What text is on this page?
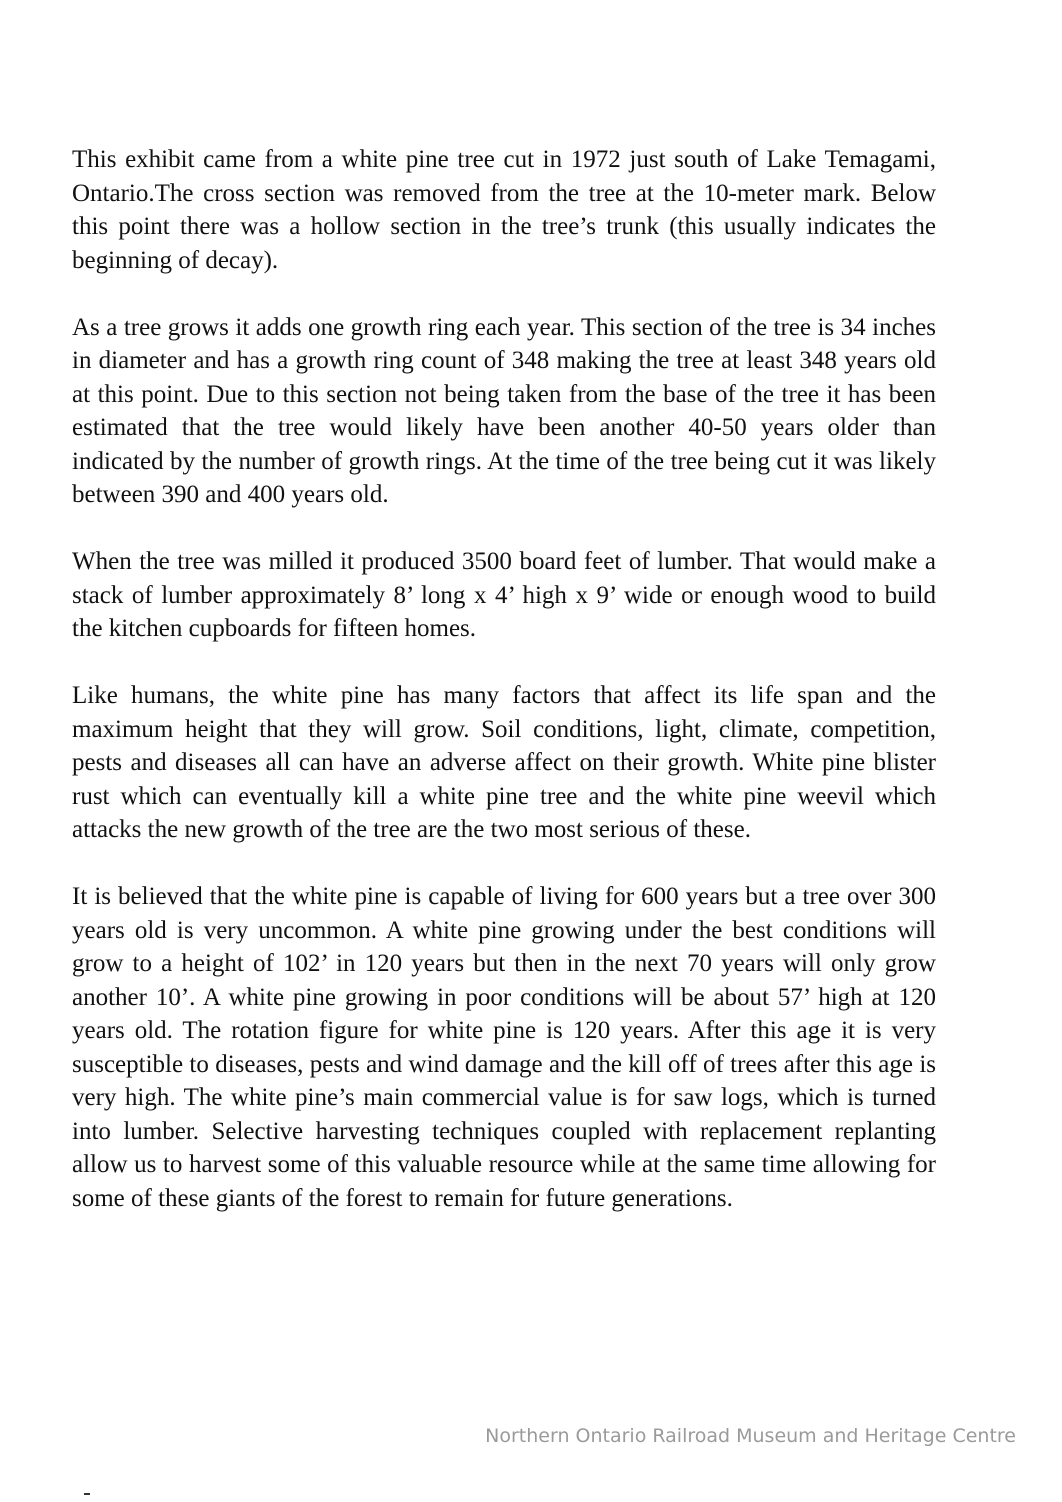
This exhibit came from a white pine tree cut in 1972 just south of Lake Temagami, Ontario.The cross section was removed from the tree at the 10-meter mark. Below this point there was a hollow section in the tree’s trunk (this usually indicates the beginning of decay).

As a tree grows it adds one growth ring each year. This section of the tree is 34 inches in diameter and has a growth ring count of 348 making the tree at least 348 years old at this point. Due to this section not being taken from the base of the tree it has been estimated that the tree would likely have been another 40-50 years older than indicated by the number of growth rings. At the time of the tree being cut it was likely between 390 and 400 years old.

When the tree was milled it produced 3500 board feet of lumber. That would make a stack of lumber approximately 8’ long x 4’ high x 9’ wide or enough wood to build the kitchen cupboards for fifteen homes.

Like humans, the white pine has many factors that affect its life span and the maximum height that they will grow. Soil conditions, light, climate, competition, pests and diseases all can have an adverse affect on their growth. White pine blister rust which can eventually kill a white pine tree and the white pine weevil which attacks the new growth of the tree are the two most serious of these.

It is believed that the white pine is capable of living for 600 years but a tree over 300 years old is very uncommon. A white pine growing under the best conditions will grow to a height of 102’ in 120 years but then in the next 70 years will only grow another 10’. A white pine growing in poor conditions will be about 57’ high at 120 years old. The rotation figure for white pine is 120 years. After this age it is very susceptible to diseases, pests and wind damage and the kill off of trees after this age is very high. The white pine’s main commercial value is for saw logs, which is turned into lumber. Selective harvesting techniques coupled with replacement replanting allow us to harvest some of this valuable resource while at the same time allowing for some of these giants of the forest to remain for future generations.

Northern Ontario Railroad Museum and Heritage Centre
